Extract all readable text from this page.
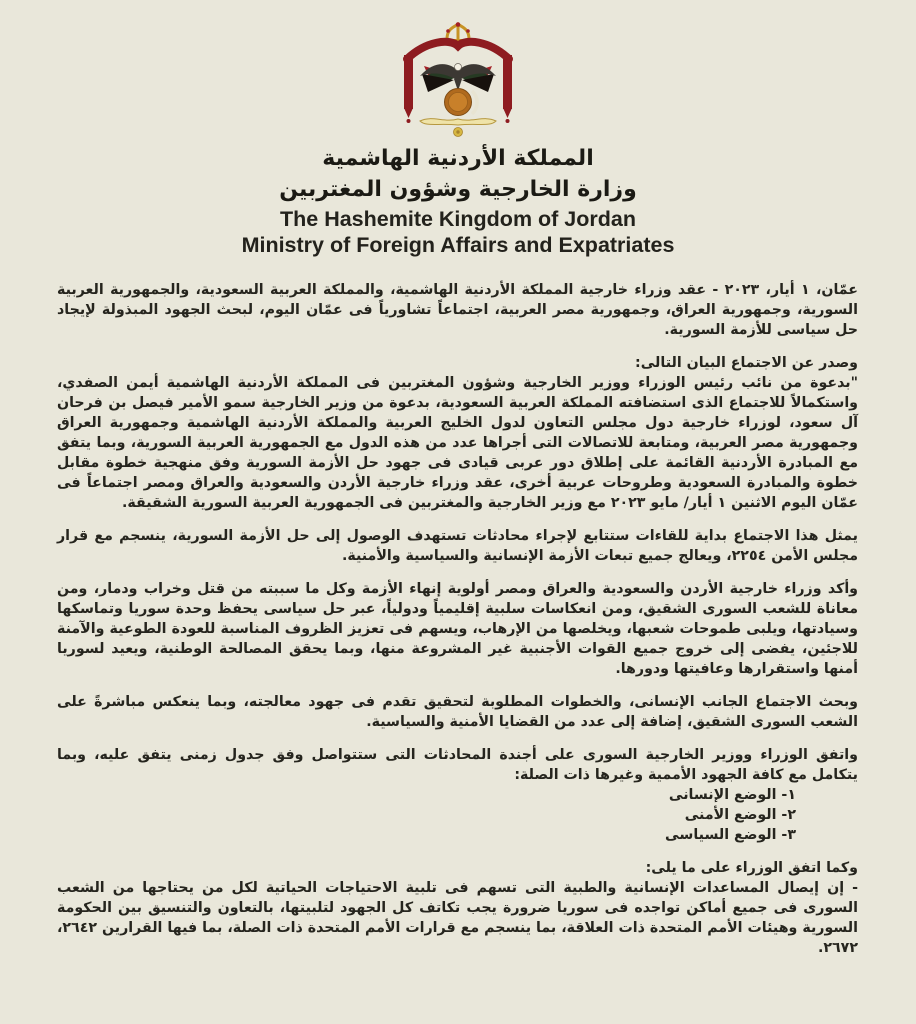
المملكة الأردنية الهاشمية
وزارة الخارجية وشؤون المغتربين
The Hashemite Kingdom of Jordan
Ministry of Foreign Affairs and Expatriates

عمّان، ١ أيار، ٢٠٢٣ - عقد وزراء خارجية المملكة الأردنية الهاشمية، والمملكة العربية السعودية، والجمهورية العربية السورية، وجمهورية العراق، وجمهورية مصر العربية، اجتماعاً تشاورياً فى عمّان اليوم، لبحث الجهود المبذولة لإيجاد حل سياسى للأزمة السورية.

وصدر عن الاجتماع البيان التالى:

"بدعوة من نائب رئيس الوزراء ووزير الخارجية وشؤون المغتربين فى المملكة الأردنية الهاشمية أيمن الصفدي، واستكمالاً للاجتماع الذى استضافته المملكة العربية السعودية، بدعوة من وزير الخارجية سمو الأمير فيصل بن فرحان آل سعود، لوزراء خارجية دول مجلس التعاون لدول الخليج العربية والمملكة الأردنية الهاشمية وجمهورية العراق وجمهورية مصر العربية، ومتابعة للاتصالات التى أجراها عدد من هذه الدول مع الجمهورية العربية السورية، وبما يتفق مع المبادرة الأردنية القائمة على إطلاق دور عربى قيادى فى جهود حل الأزمة السورية وفق منهجية خطوة مقابل خطوة والمبادرة السعودية وطروحات عربية أخرى، عقد وزراء خارجية الأردن والسعودية والعراق ومصر اجتماعاً فى عمّان اليوم الاثنين ١ أيار/ مايو ٢٠٢٣ مع وزير الخارجية والمغتربين فى الجمهورية العربية السورية الشقيقة.

يمثل هذا الاجتماع بداية للقاءات ستتابع لإجراء محادثات تستهدف الوصول إلى حل الأزمة السورية، ينسجم مع قرار مجلس الأمن ٢٢٥٤، ويعالج جميع تبعات الأزمة الإنسانية والسياسية والأمنية.

وأكد وزراء خارجية الأردن والسعودية والعراق ومصر أولوية إنهاء الأزمة وكل ما سببته من قتل وخراب ودمار، ومن معاناة للشعب السورى الشقيق، ومن انعكاسات سلبية إقليمياً ودولياً، عبر حل سياسى يحفظ وحدة سوريا وتماسكها وسيادتها، ويلبى طموحات شعبها، ويخلصها من الإرهاب، ويسهم فى تعزيز الظروف المناسبة للعودة الطوعية والآمنة للاجئين، يفضى إلى خروج جميع القوات الأجنبية غير المشروعة منها، وبما يحقق المصالحة الوطنية، ويعيد لسوريا أمنها واستقرارها وعافيتها ودورها.

وبحث الاجتماع الجانب الإنسانى، والخطوات المطلوبة لتحقيق تقدم فى جهود معالجته، وبما ينعكس مباشرةً على الشعب السورى الشقيق، إضافة إلى عدد من القضايا الأمنية والسياسية.

واتفق الوزراء ووزير الخارجية السورى على أجندة المحادثات التى ستتواصل وفق جدول زمنى يتفق عليه، وبما يتكامل مع كافة الجهود الأممية وغيرها ذات الصلة:

١- الوضع الإنسانى
٢- الوضع الأمنى
٣- الوضع السياسى

وكما اتفق الوزراء على ما يلى:

- إن إيصال المساعدات الإنسانية والطبية التى تسهم فى تلبية الاحتياجات الحياتية لكل من يحتاجها من الشعب السورى فى جميع أماكن تواجده فى سوريا ضرورة يجب تكاتف كل الجهود لتلبيتها، بالتعاون والتنسيق بين الحكومة السورية وهيئات الأمم المتحدة ذات العلاقة، بما ينسجم مع قرارات الأمم المتحدة ذات الصلة، بما فيها القرارين ٢٦٤٢، ٢٦٧٢.
